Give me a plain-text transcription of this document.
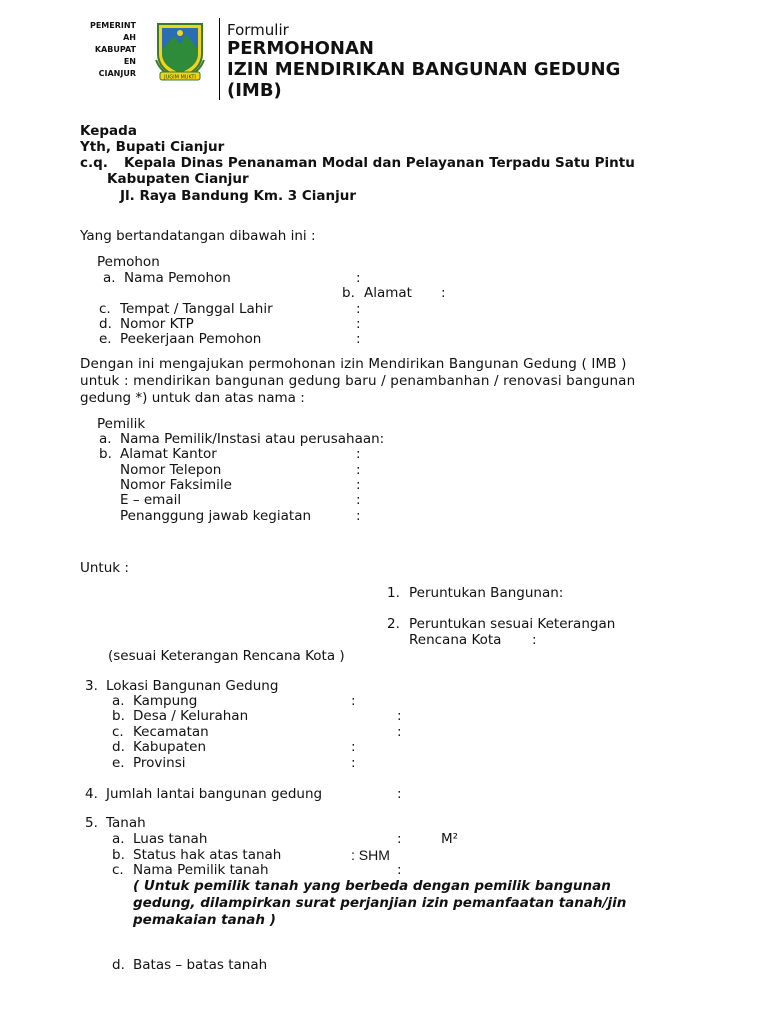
PEMERINT
AH
KABUPAT
EN
CIANJUR	JUGIM MUKTI
Formulir
PERMOHONAN
IZIN MENDIRIKAN BANGUNAN GEDUNG
(IMB)
Kepada
Yth, Bupati Cianjur
c.q. Kepala Dinas Penanaman Modal dan Pelayanan Terpadu Satu Pintu
Kabupaten Cianjur
Jl. Raya Bandung Km. 3 Cianjur
Yang bertandatangan dibawah ini :
Pemohon
a. Nama Pemohon	:
b. Alamat :
c. Tempat / Tanggal Lahir	:
d. Nomor KTP	:
e. Peekerjaan Pemohon	:
Dengan ini mengajukan permohonan izin Mendirikan Bangunan Gedung ( IMB )
untuk : mendirikan bangunan gedung baru / penambanhan / renovasi bangunan
gedung *) untuk dan atas nama :
Pemilik
a. Nama Pemilik/Instasi atau perusahaan:
b. Alamat Kantor	:
Nomor Telepon	:
Nomor Faksimile	:
E – email	:
Penanggung jawab kegiatan	:
Untuk :
1. Peruntukan Bangunan:
2. Peruntukan sesuai Keterangan
Rencana Kota :
(sesuai Keterangan Rencana Kota )
3. Lokasi Bangunan Gedung
a. Kampung	:
b. Desa / Kelurahan	:
c. Kecamatan	:
d. Kabupaten	:
e. Provinsi	:
4. Jumlah lantai bangunan gedung	:
5. Tanah
a. Luas tanah	:	M²
b. Status hak atas tanah	: SHM
c. Nama Pemilik tanah	:
( Untuk pemilik tanah yang berbeda dengan pemilik bangunan
gedung, dilampirkan surat perjanjian izin pemanfaatan tanah/jin
pemakaian tanah )
d. Batas – batas tanah
